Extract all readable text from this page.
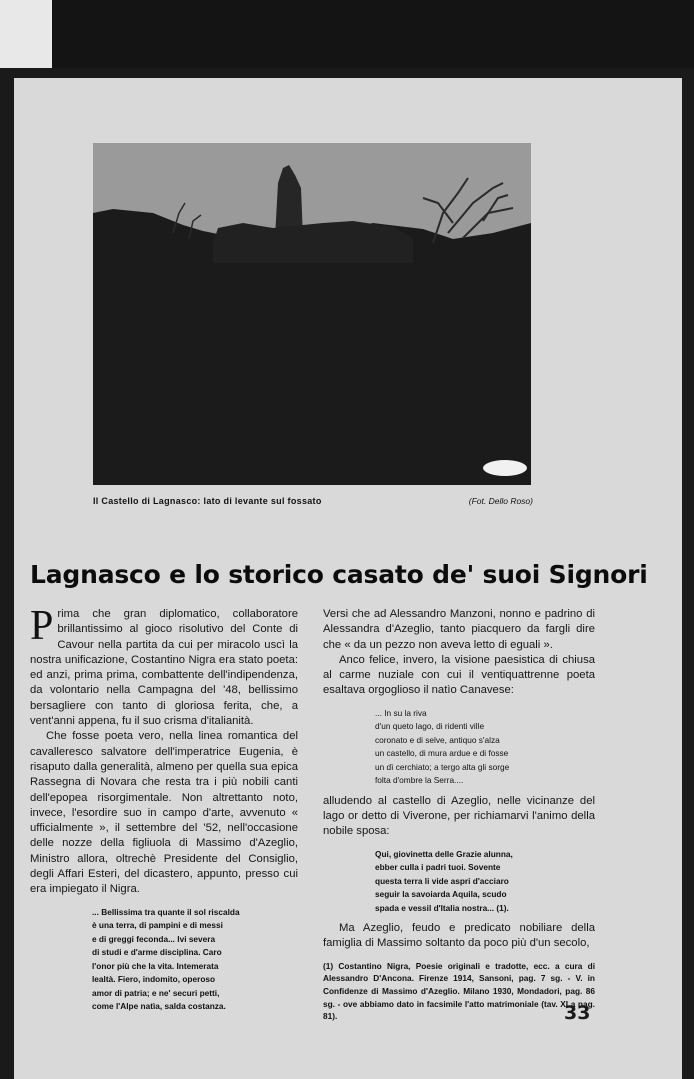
Il Castello di Lagnasco: lato di levante sul fossato	(Fot. Dello Roso)
Lagnasco e lo storico casato de' suoi Signori

Prima che gran diplomatico, collaboratore brillantissimo al gioco risolutivo del Conte di Cavour nella partita da cui per miracolo uscì la nostra unificazione, Costantino Nigra era stato poeta: ed anzi, prima prima, combattente dell'indipendenza, da volontario nella Campagna del '48, bellissimo bersagliere con tanto di gloriosa ferita, che, a vent'anni appena, fu il suo crisma d'italianità.

Che fosse poeta vero, nella linea romantica del cavalleresco salvatore dell'imperatrice Eugenia, è risaputo dalla generalità, almeno per quella sua epica Rassegna di Novara che resta tra i più nobili canti dell'epopea risorgimentale. Non altrettanto noto, invece, l'esordire suo in campo d'arte, avvenuto « ufficialmente », il settembre del '52, nell'occasione delle nozze della figliuola di Massimo d'Azeglio, Ministro allora, oltrechè Presidente del Consiglio, degli Affari Esteri, del dicastero, appunto, presso cui era impiegato il Nigra.

... Bellissima tra quante il sol riscalda
è una terra, di pampini e di messi
e di greggi feconda... lvi severa
di studi e d'arme disciplina. Caro
l'onor più che la vita. Intemerata
lealtà. Fiero, indomito, operoso
amor di patria; e ne' securi petti,
come l'Alpe natìa, salda costanza.

Versi che ad Alessandro Manzoni, nonno e padrino di Alessandra d'Azeglio, tanto piacquero da fargli dire che « da un pezzo non aveva letto di eguali ».

Anco felice, invero, la visione paesistica di chiusa al carme nuziale con cui il ventiquattrenne poeta esaltava orgoglioso il natìo Canavese:

... In su la riva
d'un queto lago, di ridenti ville
coronato e di selve, antiquo s'alza
un castello, di mura ardue e di fosse
un dì cerchiato; a tergo alta gli sorge
folta d'ombre la Serra....

alludendo al castello di Azeglio, nelle vicinanze del lago or detto di Viverone, per richiamarvi l'animo della nobile sposa:

Qui, giovinetta delle Grazie alunna,
ebber culla i padri tuoi. Sovente
questa terra li vide aspri d'acciaro
seguir la savoiarda Aquila, scudo
spada e vessil d'Italia nostra... (1).

Ma Azeglio, feudo e predicato nobiliare della famiglia di Massimo soltanto da poco più d'un secolo,

(1) Costantino Nigra, Poesie originali e tradotte, ecc. a cura di Alessandro D'Ancona. Firenze 1914, Sansoni, pag. 7 sg. - V. in Confidenze di Massimo d'Azeglio. Milano 1930, Mondadori, pag. 86 sg. - ove abbiamo dato in facsimile l'atto matrimoniale (tav. XI a pag. 81).	33
